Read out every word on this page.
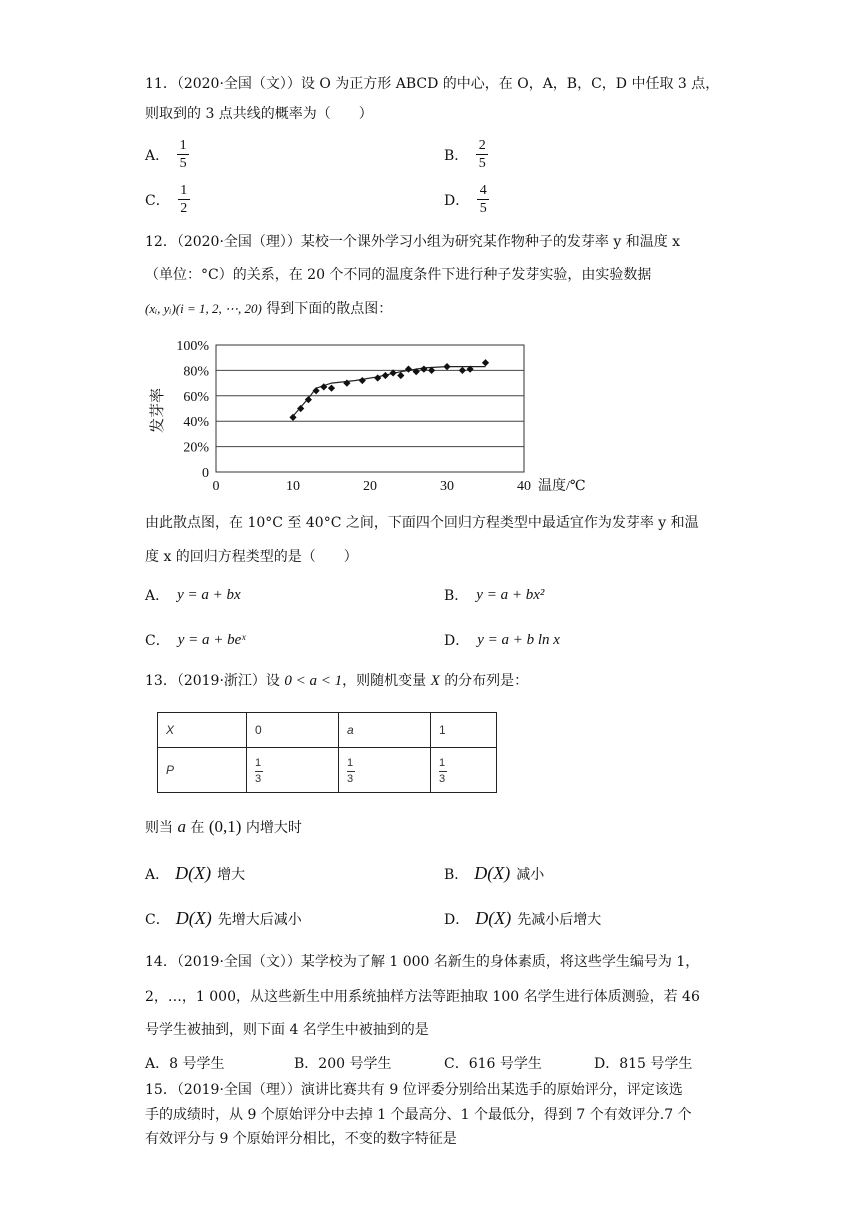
11．（2020·全国（文））设 O 为正方形 ABCD 的中心，在 O，A，B，C，D 中任取 3 点，
则取到的 3 点共线的概率为（　　）
A． $\frac{1}{5}$	B． $\frac{2}{5}$
C． $\frac{1}{2}$	D． $\frac{4}{5}$
12．（2020·全国（理））某校一个课外学习小组为研究某作物种子的发芽率 y 和温度 x
（单位：°C）的关系，在 20 个不同的温度条件下进行种子发芽实验，由实验数据
(xᵢ, yᵢ)(i = 1, 2, ⋯, 20) 得到下面的散点图：
发芽率
0
20%
40%
60%
80%
100%
0	10	20	30	40 温度/℃
由此散点图，在 10°C 至 40°C 之间，下面四个回归方程类型中最适宜作为发芽率 y 和温
度 x 的回归方程类型的是（　　）
A． y = a + bx	B． y = a + bx²
C． y = a + beˣ	D． y = a + b ln x
13．（2019·浙江）设 0 < a < 1，则随机变量 X 的分布列是：
X	0	a	1
P	$\frac{1}{3}$	$\frac{1}{3}$	$\frac{1}{3}$
则当 a 在 (0,1) 内增大时
A． D(X) 增大	B． D(X) 减小
C． D(X) 先增大后减小	D． D(X) 先减小后增大
14．（2019·全国（文））某学校为了解 1 000 名新生的身体素质，将这些学生编号为 1，
2，…，1 000，从这些新生中用系统抽样方法等距抽取 100 名学生进行体质测验，若 46
号学生被抽到，则下面 4 名学生中被抽到的是
A．8 号学生	B．200 号学生	C．616 号学生	D．815 号学生
15．（2019·全国（理））演讲比赛共有 9 位评委分别给出某选手的原始评分，评定该选
手的成绩时，从 9 个原始评分中去掉 1 个最高分、1 个最低分，得到 7 个有效评分.7 个
有效评分与 9 个原始评分相比，不变的数字特征是
